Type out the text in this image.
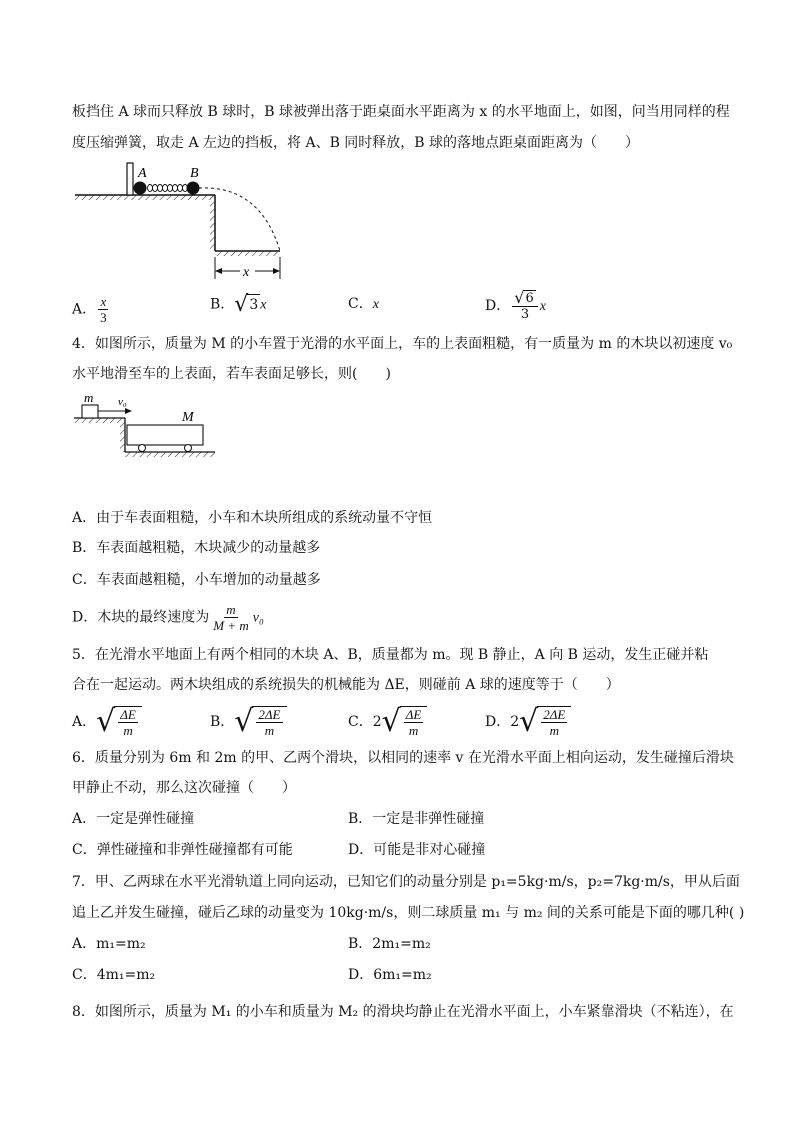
板挡住 A 球而只释放 B 球时，B 球被弹出落于距桌面水平距离为 x 的水平地面上，如图，问当用同样的程
度压缩弹簧，取走 A 左边的挡板，将 A、B 同时释放，B 球的落地点距桌面距离为（　　）
A	B
x
A． $\frac{x}{3}$	B． √ 3 x	C．x	D． $\frac{√ 6}{3}$ x
4．如图所示，质量为 M 的小车置于光滑的水平面上，车的上表面粗糙，有一质量为 m 的木块以初速度 v₀
水平地滑至车的上表面，若车表面足够长，则(　　)
m v₀
M
A．由于车表面粗糙，小车和木块所组成的系统动量不守恒
B．车表面越粗糙，木块减少的动量越多
C．车表面越粗糙，小车增加的动量越多
D．木块的最终速度为 $\frac{m}{M + m} v_0$
5．在光滑水平地面上有两个相同的木块 A、B，质量都为 m。现 B 静止，A 向 B 运动，发生正碰并粘
合在一起运动。两木块组成的系统损失的机械能为 ΔE，则碰前 A 球的速度等于（　　）
A． √ $\frac{\Delta E}{m}$	B． √ $\frac{2\Delta E}{m}$	C．2 √ $\frac{\Delta E}{m}$	D．2 √ $\frac{2\Delta E}{m}$
6．质量分别为 6m 和 2m 的甲、乙两个滑块，以相同的速率 v 在光滑水平面上相向运动，发生碰撞后滑块
甲静止不动，那么这次碰撞（　　）
A．一定是弹性碰撞	B．一定是非弹性碰撞
C．弹性碰撞和非弹性碰撞都有可能	D．可能是非对心碰撞
7．甲、乙两球在水平光滑轨道上同向运动，已知它们的动量分别是 p₁=5kg·m/s，p₂=7kg·m/s，甲从后面
追上乙并发生碰撞，碰后乙球的动量变为 10kg·m/s，则二球质量 m₁ 与 m₂ 间的关系可能是下面的哪几种( )
A．m₁=m₂	B．2m₁=m₂
C．4m₁=m₂	D．6m₁=m₂
8．如图所示，质量为 M₁ 的小车和质量为 M₂ 的滑块均静止在光滑水平面上，小车紧靠滑块（不粘连），在
